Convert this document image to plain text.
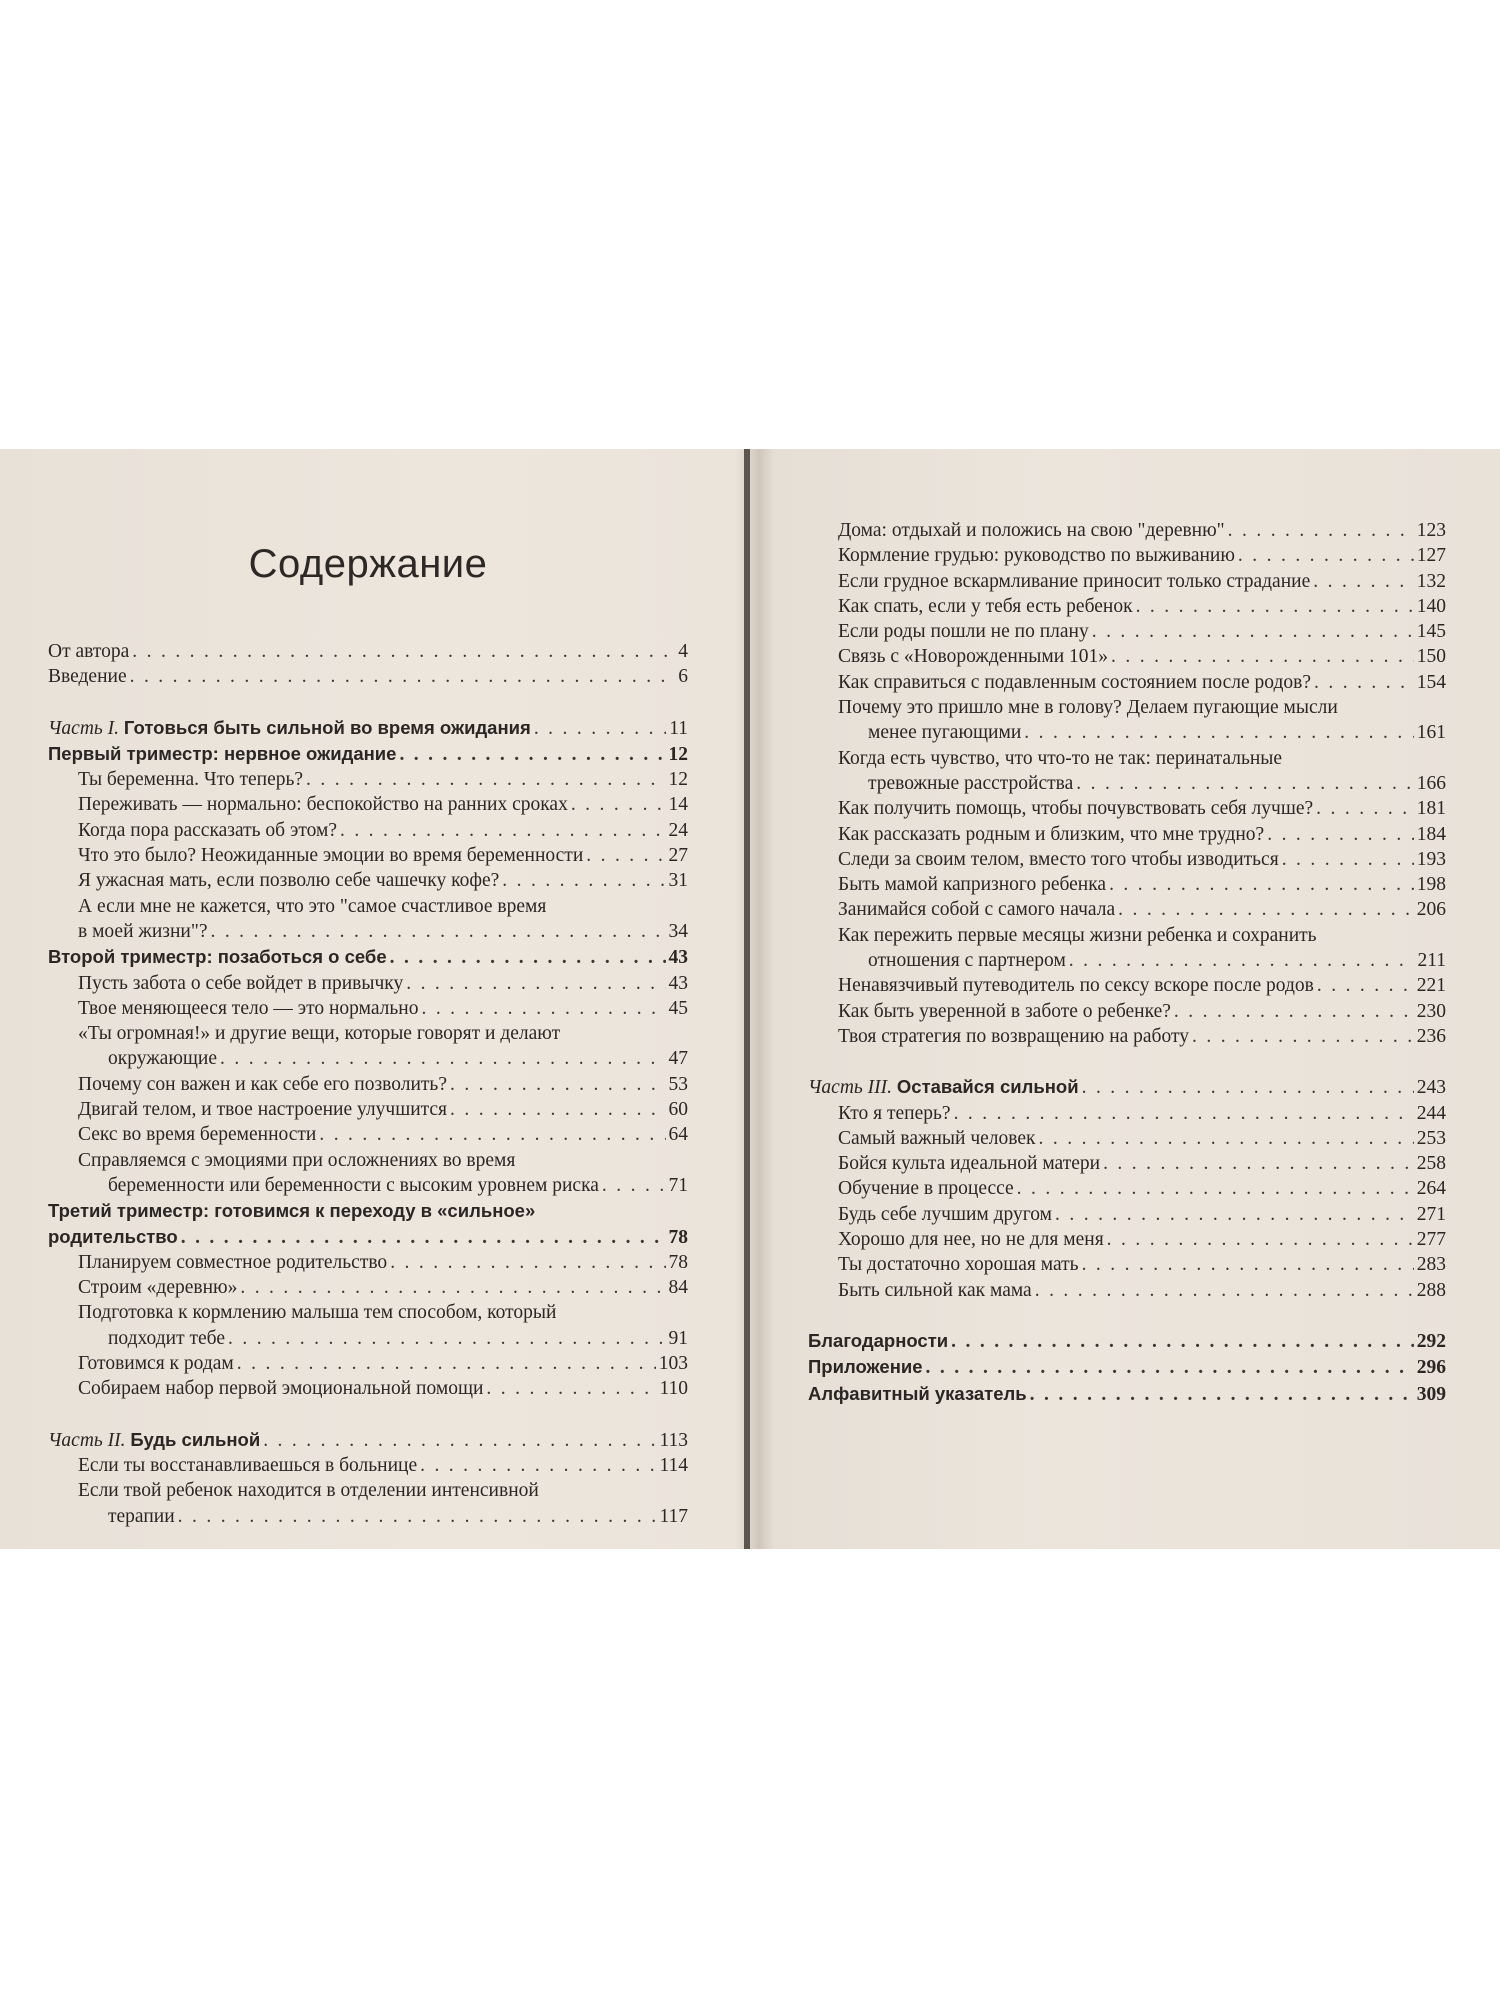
Содержание
От автора . . .	4
Введение . . .	6
Часть I. Готовься быть сильной во время ожидания . . .	11
Первый триместр: нервное ожидание . . .	12
Ты беременна. Что теперь? . . .	12
Переживать — нормально: беспокойство на ранних сроках . . .	14
Когда пора рассказать об этом? . . .	24
Что это было? Неожиданные эмоции во время беременности . . .	27
Я ужасная мать, если позволю себе чашечку кофе? . . .	31
А если мне не кажется, что это "самое счастливое время
в моей жизни"? . . .	34
Второй триместр: позаботься о себе . . .	43
Пусть забота о себе войдет в привычку . . .	43
Твое меняющееся тело — это нормально . . .	45
«Ты огромная!» и другие вещи, которые говорят и делают
окружающие . . .	47
Почему сон важен и как себе его позволить? . . .	53
Двигай телом, и твое настроение улучшится . . .	60
Секс во время беременности . . .	64
Справляемся с эмоциями при осложнениях во время
беременности или беременности с высоким уровнем риска . . .	71
Третий триместр: готовимся к переходу в «сильное»
родительство . . .	78
Планируем совместное родительство . . .	78
Строим «деревню» . . .	84
Подготовка к кормлению малыша тем способом, который
подходит тебе . . .	91
Готовимся к родам . . .	103
Собираем набор первой эмоциональной помощи . . .	110
Часть II. Будь сильной . . .	113
Если ты восстанавливаешься в больнице . . .	114
Если твой ребенок находится в отделении интенсивной
терапии . . .	117
Дома: отдыхай и положись на свою "деревню" . . .	123
Кормление грудью: руководство по выживанию . . .	127
Если грудное вскармливание приносит только страдание . . .	132
Как спать, если у тебя есть ребенок . . .	140
Если роды пошли не по плану . . .	145
Связь с «Новорожденными 101» . . .	150
Как справиться с подавленным состоянием после родов? . . .	154
Почему это пришло мне в голову? Делаем пугающие мысли
менее пугающими . . .	161
Когда есть чувство, что что-то не так: перинатальные
тревожные расстройства . . .	166
Как получить помощь, чтобы почувствовать себя лучше? . . .	181
Как рассказать родным и близким, что мне трудно? . . .	184
Следи за своим телом, вместо того чтобы изводиться . . .	193
Быть мамой капризного ребенка . . .	198
Занимайся собой с самого начала . . .	206
Как пережить первые месяцы жизни ребенка и сохранить
отношения с партнером . . .	211
Ненавязчивый путеводитель по сексу вскоре после родов . . .	221
Как быть уверенной в заботе о ребенке? . . .	230
Твоя стратегия по возвращению на работу . . .	236
Часть III. Оставайся сильной . . .	243
Кто я теперь? . . .	244
Самый важный человек . . .	253
Бойся культа идеальной матери . . .	258
Обучение в процессе . . .	264
Будь себе лучшим другом . . .	271
Хорошо для нее, но не для меня . . .	277
Ты достаточно хорошая мать . . .	283
Быть сильной как мама . . .	288
Благодарности . . .	292
Приложение . . .	296
Алфавитный указатель . . .	309
